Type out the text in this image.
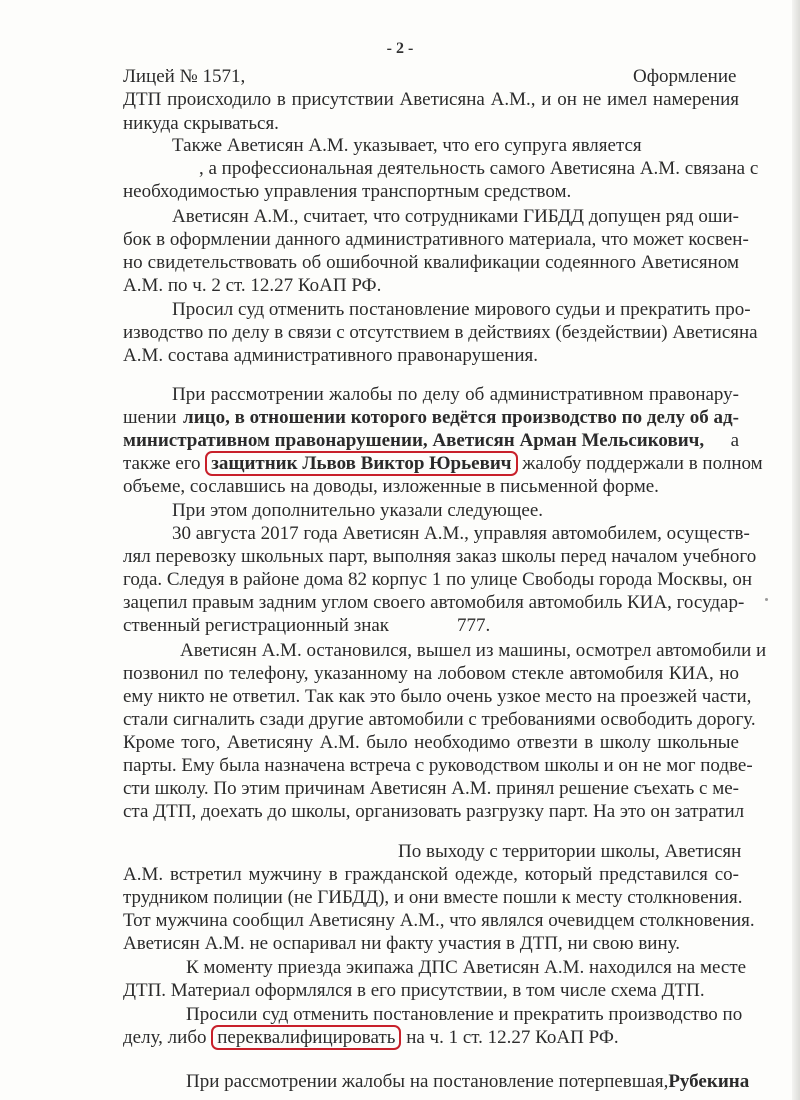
- 2 -
Лицей № 1571,	Оформление
ДТП происходило в присутствии Аветисяна А.М., и он не имел намерения
никуда скрываться.
Также Аветисян А.М. указывает, что его супруга является
, а профессиональная деятельность самого Аветисяна А.М. связана с
необходимостью управления транспортным средством.
Аветисян А.М., считает, что сотрудниками ГИБДД допущен ряд оши-
бок в оформлении данного административного материала, что может косвен-
но свидетельствовать об ошибочной квалификации содеянного Аветисяном
А.М. по ч. 2 ст. 12.27 КоАП РФ.
Просил суд отменить постановление мирового судьи и прекратить про-
изводство по делу в связи с отсутствием в действиях (бездействии) Аветисяна
А.М. состава административного правонарушения.
При рассмотрении жалобы по делу об административном правонару-
шении лицо, в отношении которого ведётся производство по делу об ад-
министративном правонарушении, Аветисян Арман Мельсикович, а
также его защитник Львов Виктор Юрьевич жалобу поддержали в полном
объеме, сославшись на доводы, изложенные в письменной форме.
При этом дополнительно указали следующее.
30 августа 2017 года Аветисян А.М., управляя автомобилем, осуществ-
лял перевозку школьных парт, выполняя заказ школы перед началом учебного
года. Следуя в районе дома 82 корпус 1 по улице Свободы города Москвы, он
зацепил правым задним углом своего автомобиля автомобиль КИА, государ-
ственный регистрационный знак	777.
Аветисян А.М. остановился, вышел из машины, осмотрел автомобили и
позвонил по телефону, указанному на лобовом стекле автомобиля КИА, но
ему никто не ответил. Так как это было очень узкое место на проезжей части,
стали сигналить сзади другие автомобили с требованиями освободить дорогу.
Кроме того, Аветисяну А.М. было необходимо отвезти в школу школьные
парты. Ему была назначена встреча с руководством школы и он не мог подве-
сти школу. По этим причинам Аветисян А.М. принял решение съехать с ме-
ста ДТП, доехать до школы, организовать разгрузку парт. На это он затратил
По выходу с территории школы, Аветисян
А.М. встретил мужчину в гражданской одежде, который представился со-
трудником полиции (не ГИБДД), и они вместе пошли к месту столкновения.
Тот мужчина сообщил Аветисяну А.М., что являлся очевидцем столкновения.
Аветисян А.М. не оспаривал ни факту участия в ДТП, ни свою вину.
К моменту приезда экипажа ДПС Аветисян А.М. находился на месте
ДТП. Материал оформлялся в его присутствии, в том числе схема ДТП.
Просили суд отменить постановление и прекратить производство по
делу, либо переквалифицировать на ч. 1 ст. 12.27 КоАП РФ.
При рассмотрении жалобы на постановление потерпевшая, Рубекина
